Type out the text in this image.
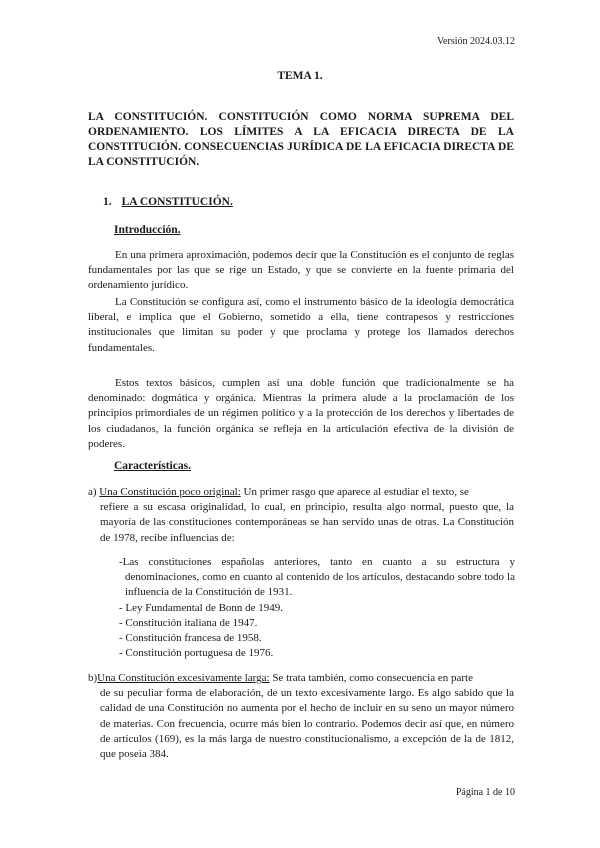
Versión 2024.03.12
TEMA 1.
LA CONSTITUCIÓN. CONSTITUCIÓN COMO NORMA SUPREMA DEL ORDENAMIENTO. LOS LÍMITES A LA EFICACIA DIRECTA DE LA CONSTITUCIÓN. CONSECUENCIAS JURÍDICA DE LA EFICACIA DIRECTA DE LA CONSTITUCIÓN.
1. LA CONSTITUCIÓN.
Introducción.

En una primera aproximación, podemos decir que la Constitución es el conjunto de reglas fundamentales por las que se rige un Estado, y que se convierte en la fuente primaria del ordenamiento jurídico.

La Constitución se configura así, como el instrumento básico de la ideología democrática liberal, e implica que el Gobierno, sometido a ella, tiene contrapesos y restricciones institucionales que limitan su poder y que proclama y protege los llamados derechos fundamentales.

Estos textos básicos, cumplen así una doble función que tradicionalmente se ha denominado: dogmática y orgánica. Mientras la primera alude a la proclamación de los principios primordiales de un régimen político y a la protección de los derechos y libertades de los ciudadanos, la función orgánica se refleja en la articulación efectiva de la división de poderes.

Características.
a) Una Constitución poco original: Un primer rasgo que aparece al estudiar el texto, se
refiere a su escasa originalidad, lo cual, en principio, resulta algo normal, puesto que, la mayoría de las constituciones contemporáneas se han servido unas de otras. La Constitución de 1978, recibe influencias de:
-Las constituciones españolas anteriores, tanto en cuanto a su estructura y denominaciones, como en cuanto al contenido de los artículos, destacando sobre todo la influencia de la Constitución de 1931.
- Ley Fundamental de Bonn de 1949.
- Constitución italiana de 1947.
- Constitución francesa de 1958.
- Constitución portuguesa de 1976.
b)Una Constitución excesivamente larga: Se trata también, como consecuencia en parte
de su peculiar forma de elaboración, de un texto excesivamente largo. Es algo sabido que la calidad de una Constitución no aumenta por el hecho de incluir en su seno un mayor número de materias. Con frecuencia, ocurre más bien lo contrario. Podemos decir así que, en número de artículos (169), es la más larga de nuestro constitucionalismo, a excepción de la de 1812, que poseía 384.
Página 1 de 10
